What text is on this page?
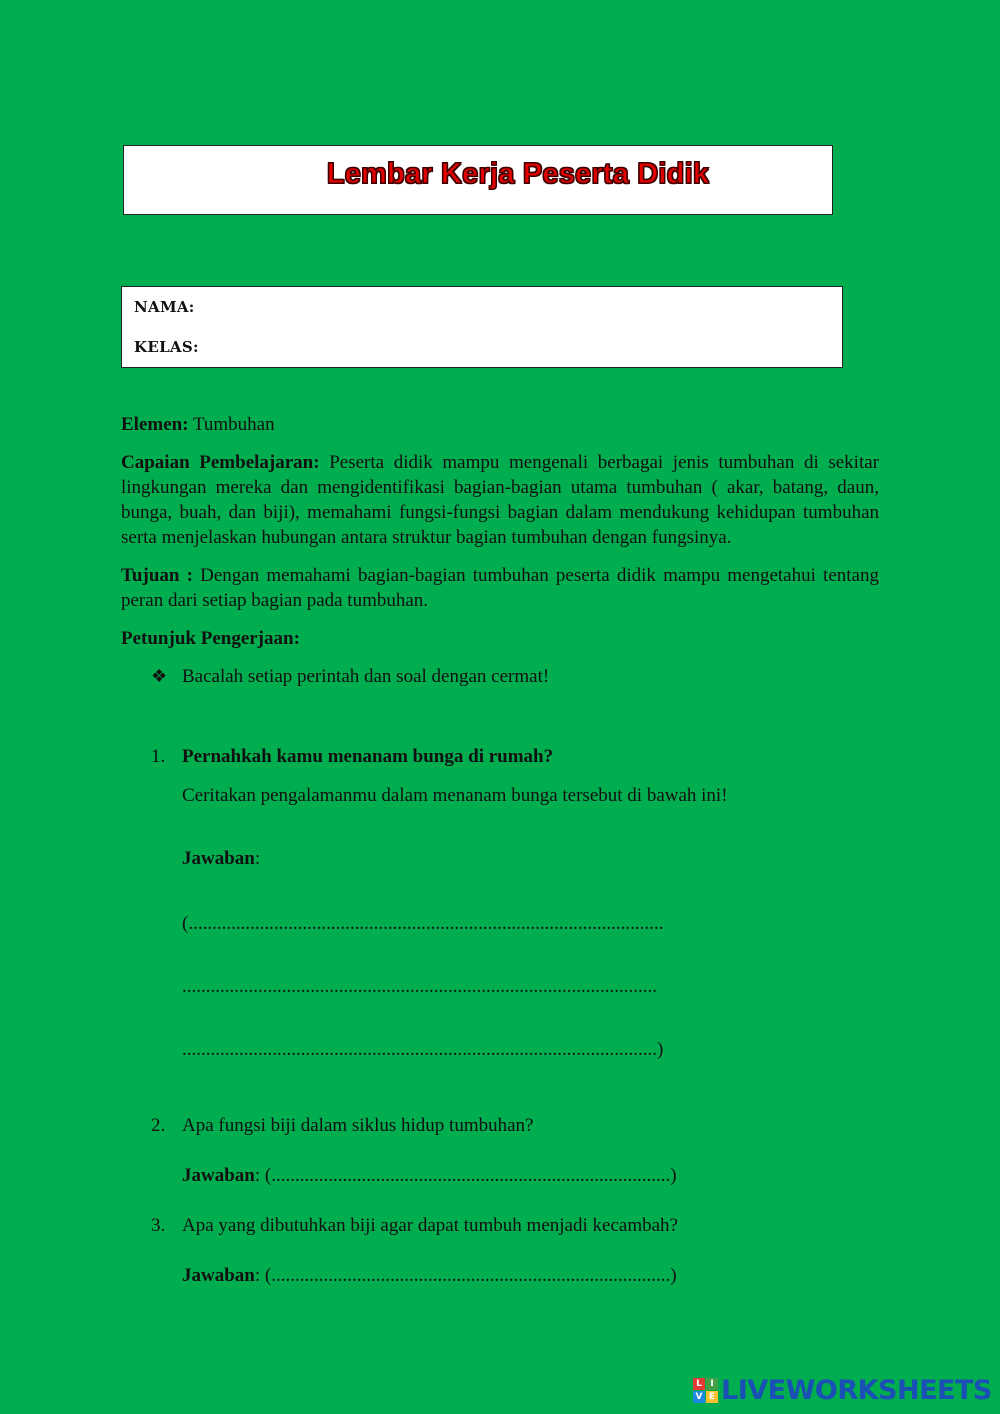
Lembar Kerja Peserta Didik
NAMA:
KELAS:

Elemen: Tumbuhan

Capaian Pembelajaran: Peserta didik mampu mengenali berbagai jenis tumbuhan di sekitar lingkungan mereka dan mengidentifikasi bagian-bagian utama tumbuhan ( akar, batang, daun, bunga, buah, dan biji), memahami fungsi-fungsi bagian dalam mendukung kehidupan tumbuhan serta menjelaskan hubungan antara struktur bagian tumbuhan dengan fungsinya.

Tujuan : Dengan memahami bagian-bagian tumbuhan peserta didik mampu mengetahui tentang peran dari setiap bagian pada tumbuhan.

Petunjuk Pengerjaan:

❖ Bacalah setiap perintah dan soal dengan cermat!
1. Pernahkah kamu menanam bunga di rumah?
Ceritakan pengalamanmu dalam menanam bunga tersebut di bawah ini!
Jawaban:
(....................................................................................................
....................................................................................................
....................................................................................................)
2. Apa fungsi biji dalam siklus hidup tumbuhan?
Jawaban: (....................................................................................)
3. Apa yang dibutuhkan biji agar dapat tumbuh menjadi kecambah?
Jawaban: (....................................................................................)
L I
V E LIVEWORKSHEETS
